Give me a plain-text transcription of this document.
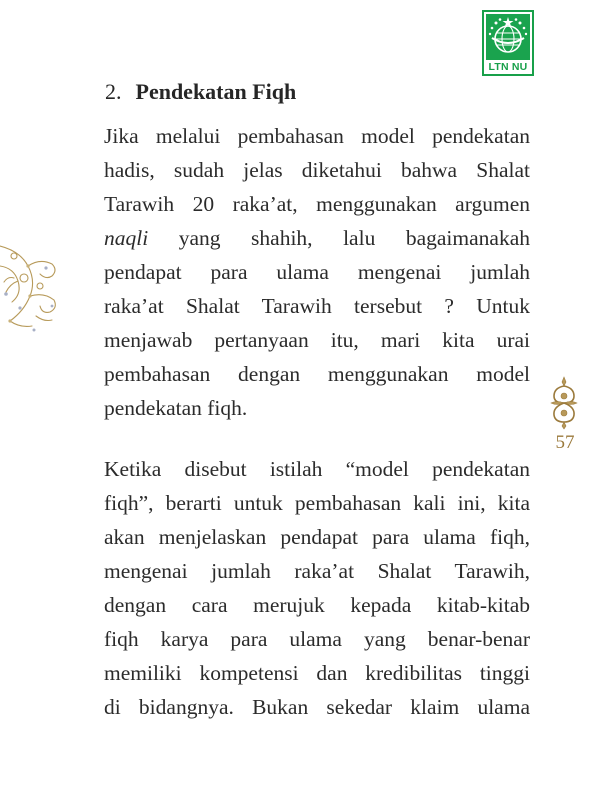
LTN NU
57
2. Pendekatan Fiqh
Jika melalui pembahasan model pendekatan
hadis, sudah jelas diketahui bahwa Shalat
Tarawih 20 raka’at, menggunakan argumen
naqli yang shahih, lalu bagaimanakah
pendapat para ulama mengenai jumlah
raka’at Shalat Tarawih tersebut ? Untuk
menjawab pertanyaan itu, mari kita urai
pembahasan dengan menggunakan model
pendekatan fiqh.
Ketika disebut istilah “model pendekatan
fiqh”, berarti untuk pembahasan kali ini, kita
akan menjelaskan pendapat para ulama fiqh,
mengenai jumlah raka’at Shalat Tarawih,
dengan cara merujuk kepada kitab-kitab
fiqh karya para ulama yang benar-benar
memiliki kompetensi dan kredibilitas tinggi
di bidangnya. Bukan sekedar klaim ulama
